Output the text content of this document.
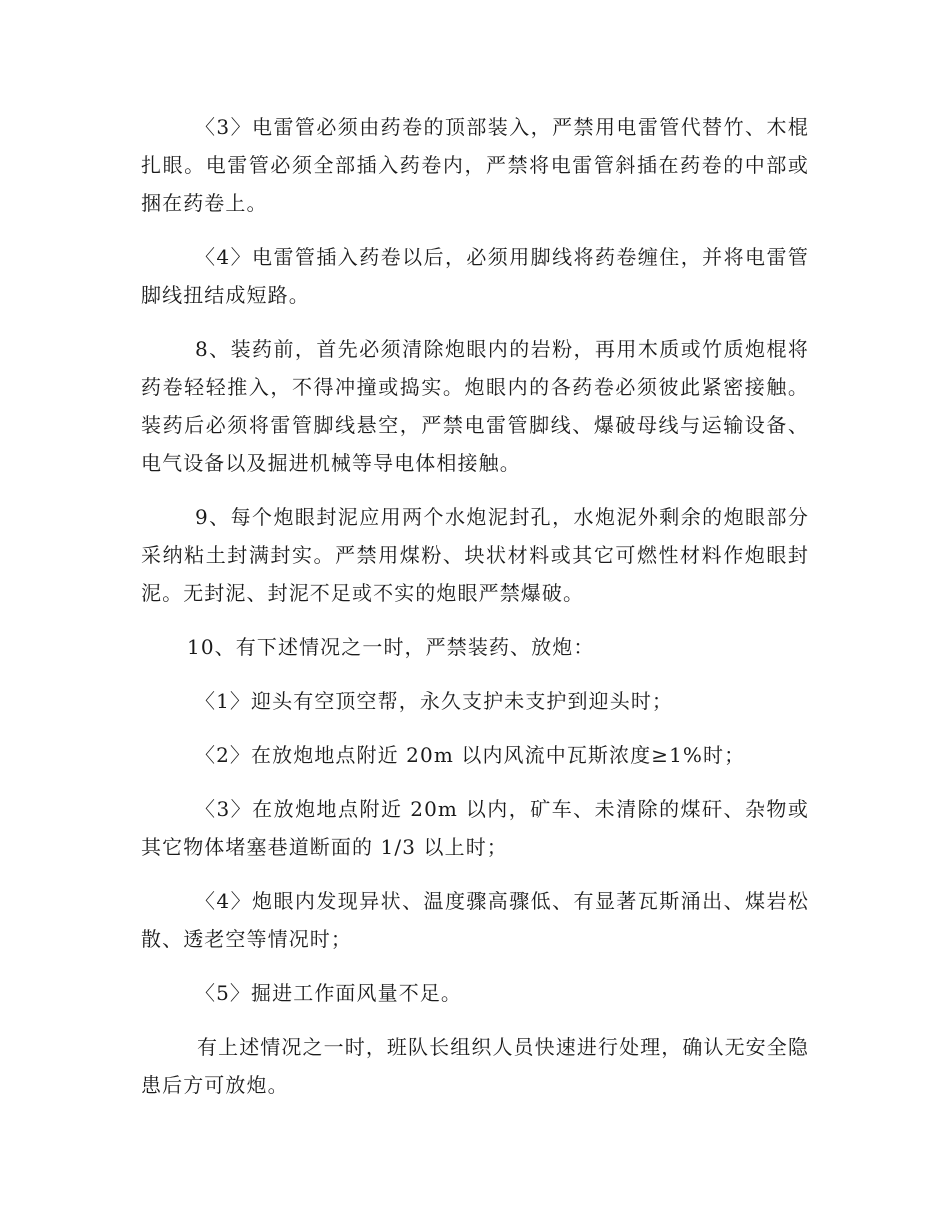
〈3〉电雷管必须由药卷的顶部装入，严禁用电雷管代替竹、木棍扎眼。电雷管必须全部插入药卷内，严禁将电雷管斜插在药卷的中部或捆在药卷上。

〈4〉电雷管插入药卷以后，必须用脚线将药卷缠住，并将电雷管脚线扭结成短路。

8、装药前，首先必须清除炮眼内的岩粉，再用木质或竹质炮棍将药卷轻轻推入，不得冲撞或捣实。炮眼内的各药卷必须彼此紧密接触。装药后必须将雷管脚线悬空，严禁电雷管脚线、爆破母线与运输设备、电气设备以及掘进机械等导电体相接触。

9、每个炮眼封泥应用两个水炮泥封孔，水炮泥外剩余的炮眼部分采纳粘土封满封实。严禁用煤粉、块状材料或其它可燃性材料作炮眼封泥。无封泥、封泥不足或不实的炮眼严禁爆破。

10、有下述情况之一时，严禁装药、放炮：

〈1〉迎头有空顶空帮，永久支护未支护到迎头时；

〈2〉在放炮地点附近 20m 以内风流中瓦斯浓度≥1%时；

〈3〉在放炮地点附近 20m 以内，矿车、未清除的煤矸、杂物或其它物体堵塞巷道断面的 1/3 以上时；

〈4〉炮眼内发现异状、温度骤高骤低、有显著瓦斯涌出、煤岩松散、透老空等情况时；

〈5〉掘进工作面风量不足。

有上述情况之一时，班队长组织人员快速进行处理，确认无安全隐患后方可放炮。
